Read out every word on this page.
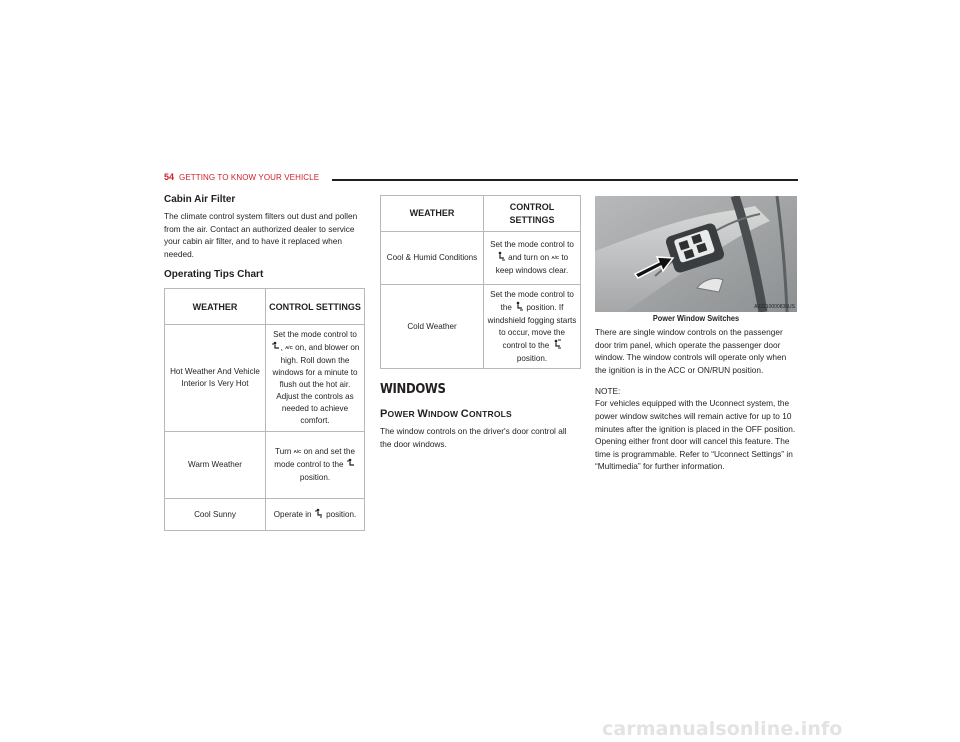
54 GETTING TO KNOW YOUR VEHICLE
Cabin Air Filter

The climate control system filters out dust and pollen from the air. Contact an authorized dealer to service your cabin air filter, and to have it replaced when needed.

Operating Tips Chart
WEATHER	CONTROL SETTINGS
Hot Weather And Vehicle Interior Is Very Hot	Set the mode control to , A/C on, and blower on high. Roll down the windows for a minute to flush out the hot air. Adjust the controls as needed to achieve comfort.
Warm Weather	Turn A/C on and set the mode control to the  position.
Cool Sunny	Operate in position.
WEATHER	CONTROL SETTINGS
Cool & Humid Conditions	Set the mode control to  and turn on A/C to keep windows clear.
Cold Weather	Set the mode control to the position. If windshield fogging starts to occur, move the control to the  position.
WINDOWS
POWER WINDOW CONTROLS

The window controls on the driver's door control all the door windows.

A02210000836US
Power Window Switches

There are single window controls on the passenger door trim panel, which operate the passenger door window. The window controls will operate only when the ignition is in the ACC or ON/RUN position.

NOTE:

For vehicles equipped with the Uconnect system, the power window switches will remain active for up to 10 minutes after the ignition is placed in the OFF position. Opening either front door will cancel this feature. The time is programmable. Refer to “Uconnect Settings” in “Multimedia” for further information.

carmanualsonline.info
